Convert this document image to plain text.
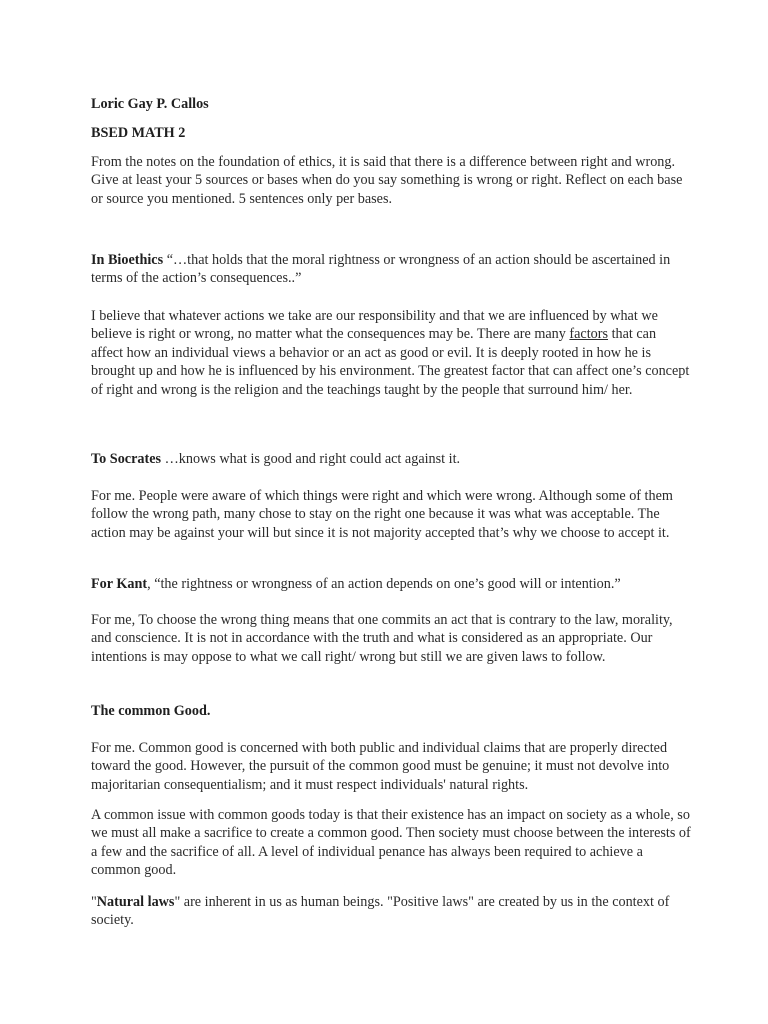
Loric Gay P. Callos

BSED MATH 2

From the notes on the foundation of ethics, it is said that there is a difference between right and wrong. Give at least your 5 sources or bases when do you say something is wrong or right. Reflect on each base or source you mentioned. 5 sentences only per bases.

In Bioethics “…that holds that the moral rightness or wrongness of an action should be ascertained in terms of the action’s consequences..”

I believe that whatever actions we take are our responsibility and that we are influenced by what we believe is right or wrong, no matter what the consequences may be. There are many factors that can affect how an individual views a behavior or an act as good or evil. It is deeply rooted in how he is brought up and how he is influenced by his environment. The greatest factor that can affect one’s concept of right and wrong is the religion and the teachings taught by the people that surround him/ her.

To Socrates …knows what is good and right could act against it.

For me. People were aware of which things were right and which were wrong. Although some of them follow the wrong path, many chose to stay on the right one because it was what was acceptable. The action may be against your will but since it is not majority accepted that’s why we choose to accept it.

For Kant, “the rightness or wrongness of an action depends on one’s good will or intention.”

For me, To choose the wrong thing means that one commits an act that is contrary to the law, morality, and conscience. It is not in accordance with the truth and what is considered as an appropriate. Our intentions is may oppose to what we call right/ wrong but still we are given laws to follow.

The common Good.

For me. Common good is concerned with both public and individual claims that are properly directed toward the good. However, the pursuit of the common good must be genuine; it must not devolve into majoritarian consequentialism; and it must respect individuals' natural rights.

A common issue with common goods today is that their existence has an impact on society as a whole, so we must all make a sacrifice to create a common good. Then society must choose between the interests of a few and the sacrifice of all. A level of individual penance has always been required to achieve a common good.

"Natural laws" are inherent in us as human beings. "Positive laws" are created by us in the context of society.
